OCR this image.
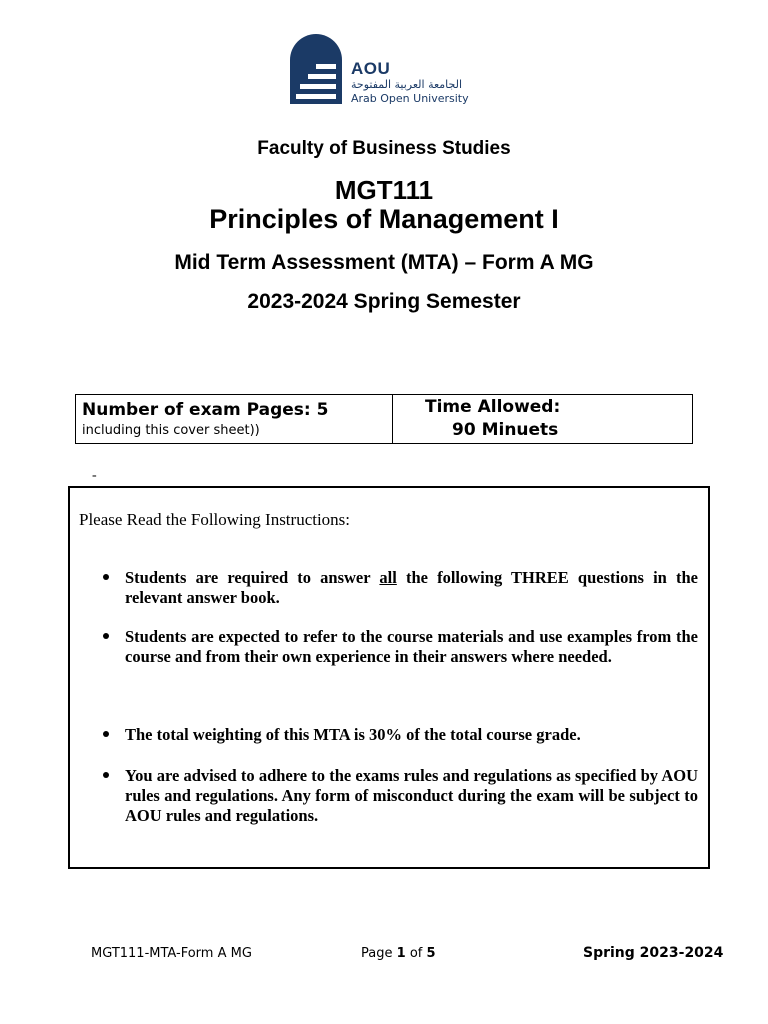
AOU
الجامعة العربية المفتوحة
Arab Open University
Faculty of Business Studies
MGT111
Principles of Management I
Mid Term Assessment (MTA) – Form A MG
2023-2024 Spring Semester
Number of exam Pages: 5
including this cover sheet))
Time Allowed:
90 Minuets
-
Please Read the Following Instructions:
Students are required to answer all the following THREE questions in the relevant answer book.
Students are expected to refer to the course materials and use examples from the course and from their own experience in their answers where needed.
The total weighting of this MTA is 30% of the total course grade.
You are advised to adhere to the exams rules and regulations as specified by AOU rules and regulations. Any form of misconduct during the exam will be subject to AOU rules and regulations.
MGT111-MTA-Form A MG	Page 1 of 5	Spring 2023-2024
